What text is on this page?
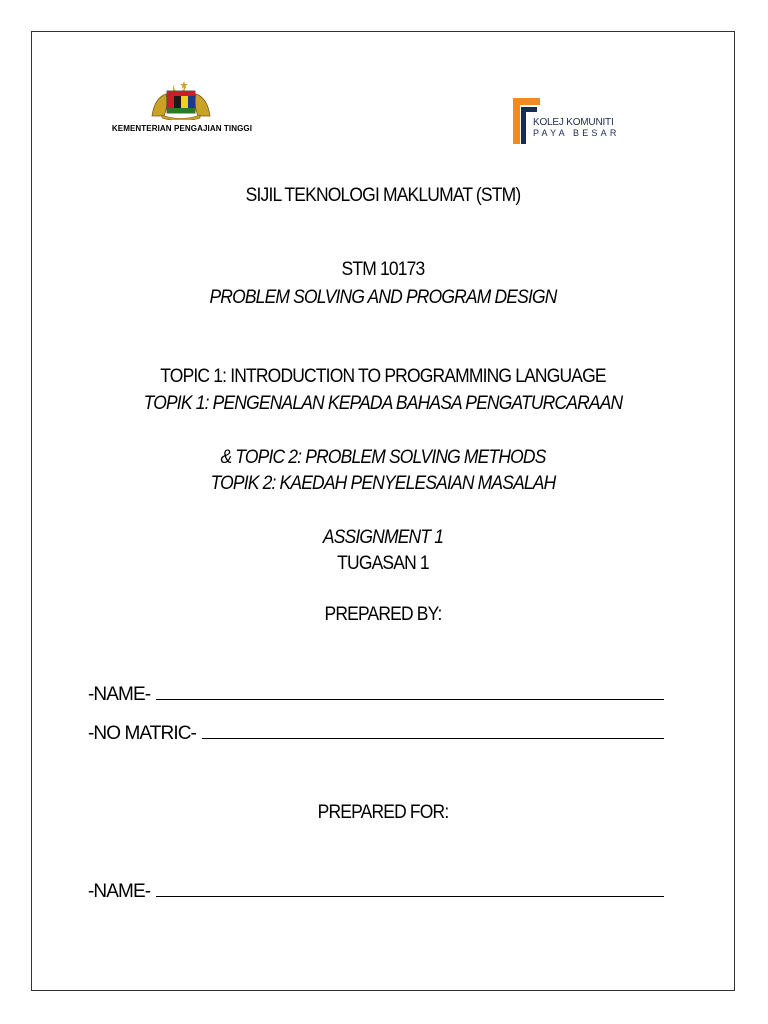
KEMENTERIAN PENGAJIAN TINGGI
KOLEJ KOMUNITI
PAYA BESAR
SIJIL TEKNOLOGI MAKLUMAT (STM)
STM 10173
PROBLEM SOLVING AND PROGRAM DESIGN
TOPIC 1: INTRODUCTION TO PROGRAMMING LANGUAGE
TOPIK 1: PENGENALAN KEPADA BAHASA PENGATURCARAAN
& TOPIC 2: PROBLEM SOLVING METHODS
TOPIK 2: KAEDAH PENYELESAIAN MASALAH
ASSIGNMENT 1
TUGASAN 1
PREPARED BY:
-NAME-
-NO MATRIC-
PREPARED FOR:
-NAME-
